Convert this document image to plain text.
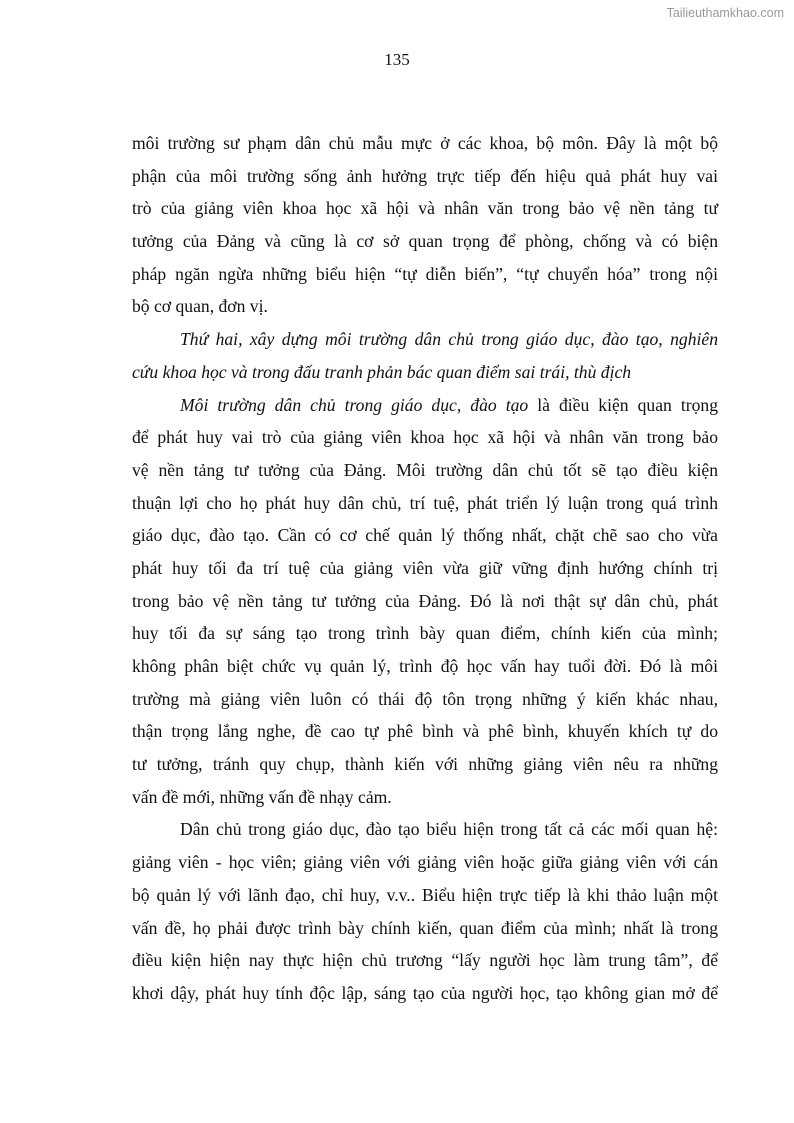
Tailieuthamkhao.com
135
môi trường sư phạm dân chủ mẫu mực ở các khoa, bộ môn. Đây là một bộ
phận của môi trường sống ảnh hưởng trực tiếp đến hiệu quả phát huy vai
trò của giảng viên khoa học xã hội và nhân văn trong bảo vệ nền tảng tư
tưởng của Đảng và cũng là cơ sở quan trọng để phòng, chống và có biện
pháp ngăn ngừa những biểu hiện “tự diễn biến”, “tự chuyển hóa” trong nội
bộ cơ quan, đơn vị.
Thứ hai, xây dựng môi trường dân chủ trong giáo dục, đào tạo, nghiên
cứu khoa học và trong đấu tranh phản bác quan điểm sai trái, thù địch
Môi trường dân chủ trong giáo dục, đào tạo là điều kiện quan trọng
để phát huy vai trò của giảng viên khoa học xã hội và nhân văn trong bảo
vệ nền tảng tư tưởng của Đảng. Môi trường dân chủ tốt sẽ tạo điều kiện
thuận lợi cho họ phát huy dân chủ, trí tuệ, phát triển lý luận trong quá trình
giáo dục, đào tạo. Cần có cơ chế quản lý thống nhất, chặt chẽ sao cho vừa
phát huy tối đa trí tuệ của giảng viên vừa giữ vững định hướng chính trị
trong bảo vệ nền tảng tư tưởng của Đảng. Đó là nơi thật sự dân chủ, phát
huy tối đa sự sáng tạo trong trình bày quan điểm, chính kiến của mình;
không phân biệt chức vụ quản lý, trình độ học vấn hay tuổi đời. Đó là môi
trường mà giảng viên luôn có thái độ tôn trọng những ý kiến khác nhau,
thận trọng lắng nghe, đề cao tự phê bình và phê bình, khuyến khích tự do
tư tưởng, tránh quy chụp, thành kiến với những giảng viên nêu ra những
vấn đề mới, những vấn đề nhạy cảm.
Dân chủ trong giáo dục, đào tạo biểu hiện trong tất cả các mối quan hệ:
giảng viên - học viên; giảng viên với giảng viên hoặc giữa giảng viên với cán
bộ quản lý với lãnh đạo, chỉ huy, v.v.. Biểu hiện trực tiếp là khi thảo luận một
vấn đề, họ phải được trình bày chính kiến, quan điểm của mình; nhất là trong
điều kiện hiện nay thực hiện chủ trương “lấy người học làm trung tâm”, để
khơi dậy, phát huy tính độc lập, sáng tạo của người học, tạo không gian mở để
